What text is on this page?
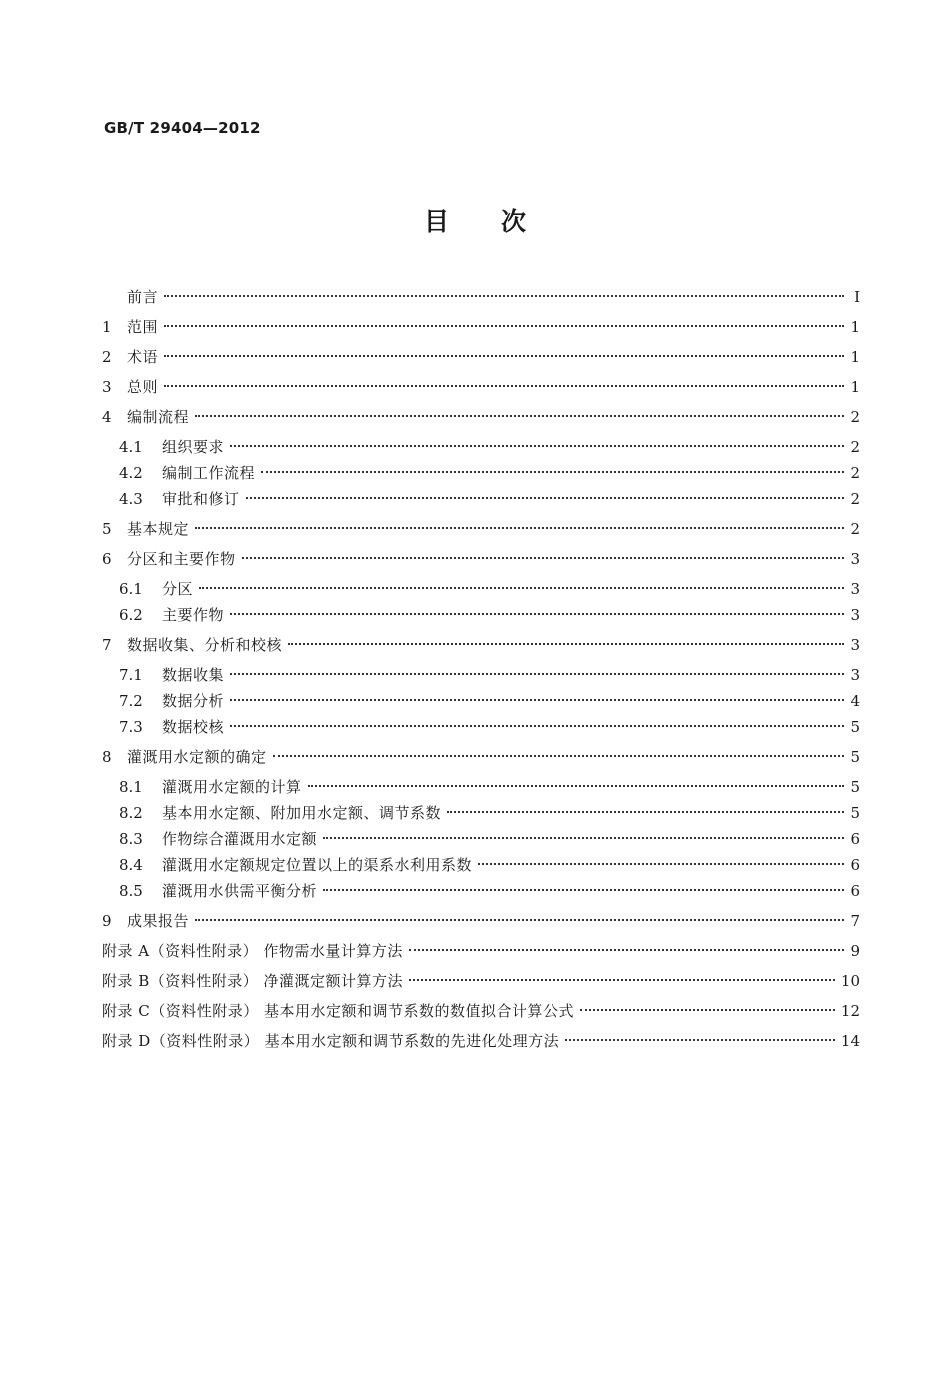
GB/T 29404—2012
目次
前言	Ⅰ
1	范围	1
2	术语	1
3	总则	1
4	编制流程	2
4.1	组织要求	2
4.2	编制工作流程	2
4.3	审批和修订	2
5	基本规定	2
6	分区和主要作物	3
6.1	分区	3
6.2	主要作物	3
7	数据收集、分析和校核	3
7.1	数据收集	3
7.2	数据分析	4
7.3	数据校核	5
8	灌溉用水定额的确定	5
8.1	灌溉用水定额的计算	5
8.2	基本用水定额、附加用水定额、调节系数	5
8.3	作物综合灌溉用水定额	6
8.4	灌溉用水定额规定位置以上的渠系水利用系数	6
8.5	灌溉用水供需平衡分析	6
9	成果报告	7
附录 A（资料性附录） 作物需水量计算方法	9
附录 B（资料性附录） 净灌溉定额计算方法	10
附录 C（资料性附录） 基本用水定额和调节系数的数值拟合计算公式	12
附录 D（资料性附录） 基本用水定额和调节系数的先进化处理方法	14
